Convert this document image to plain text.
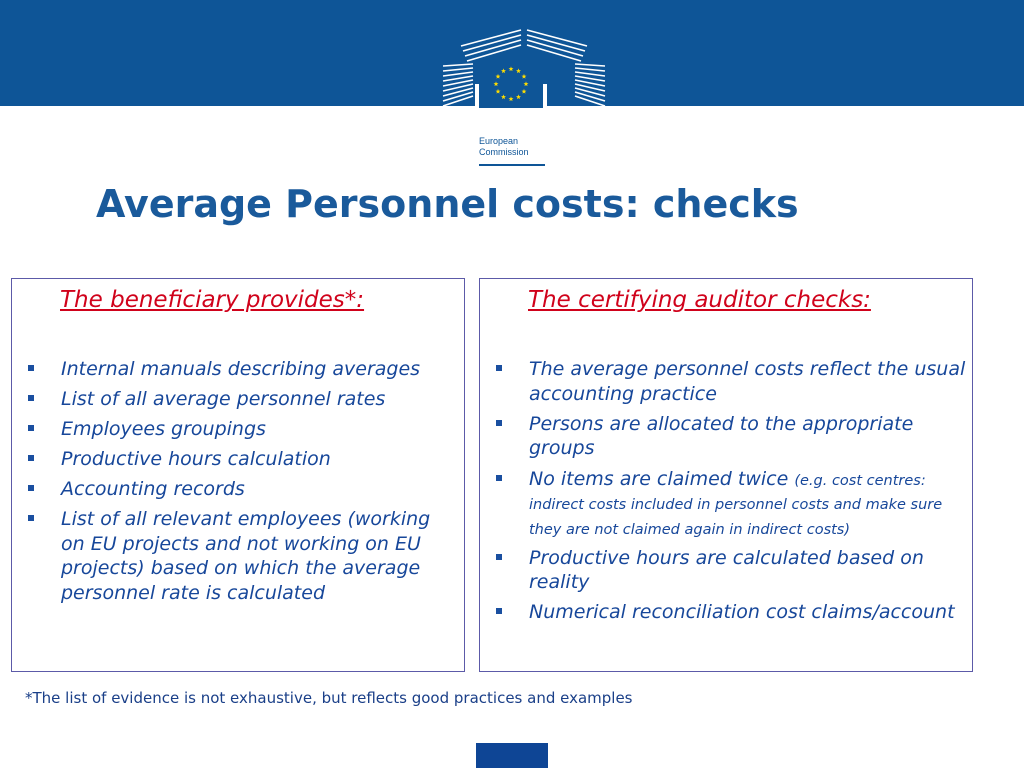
European
Commission
Average Personnel costs: checks
The beneficiary provides*:
Internal manuals describing averages
List of all average personnel rates
Employees groupings
Productive hours calculation
Accounting records
List of all relevant employees (working on EU projects and not working on EU projects) based on which the average personnel rate is calculated
The certifying auditor checks:
The average personnel costs reflect the usual accounting practice
Persons are allocated to the appropriate groups
No items are claimed twice (e.g. cost centres: indirect costs included in personnel costs and make sure they are not claimed again in indirect costs)
Productive hours are calculated based on reality
Numerical reconciliation cost claims/account
*The list of evidence is not exhaustive, but reflects good practices and examples
